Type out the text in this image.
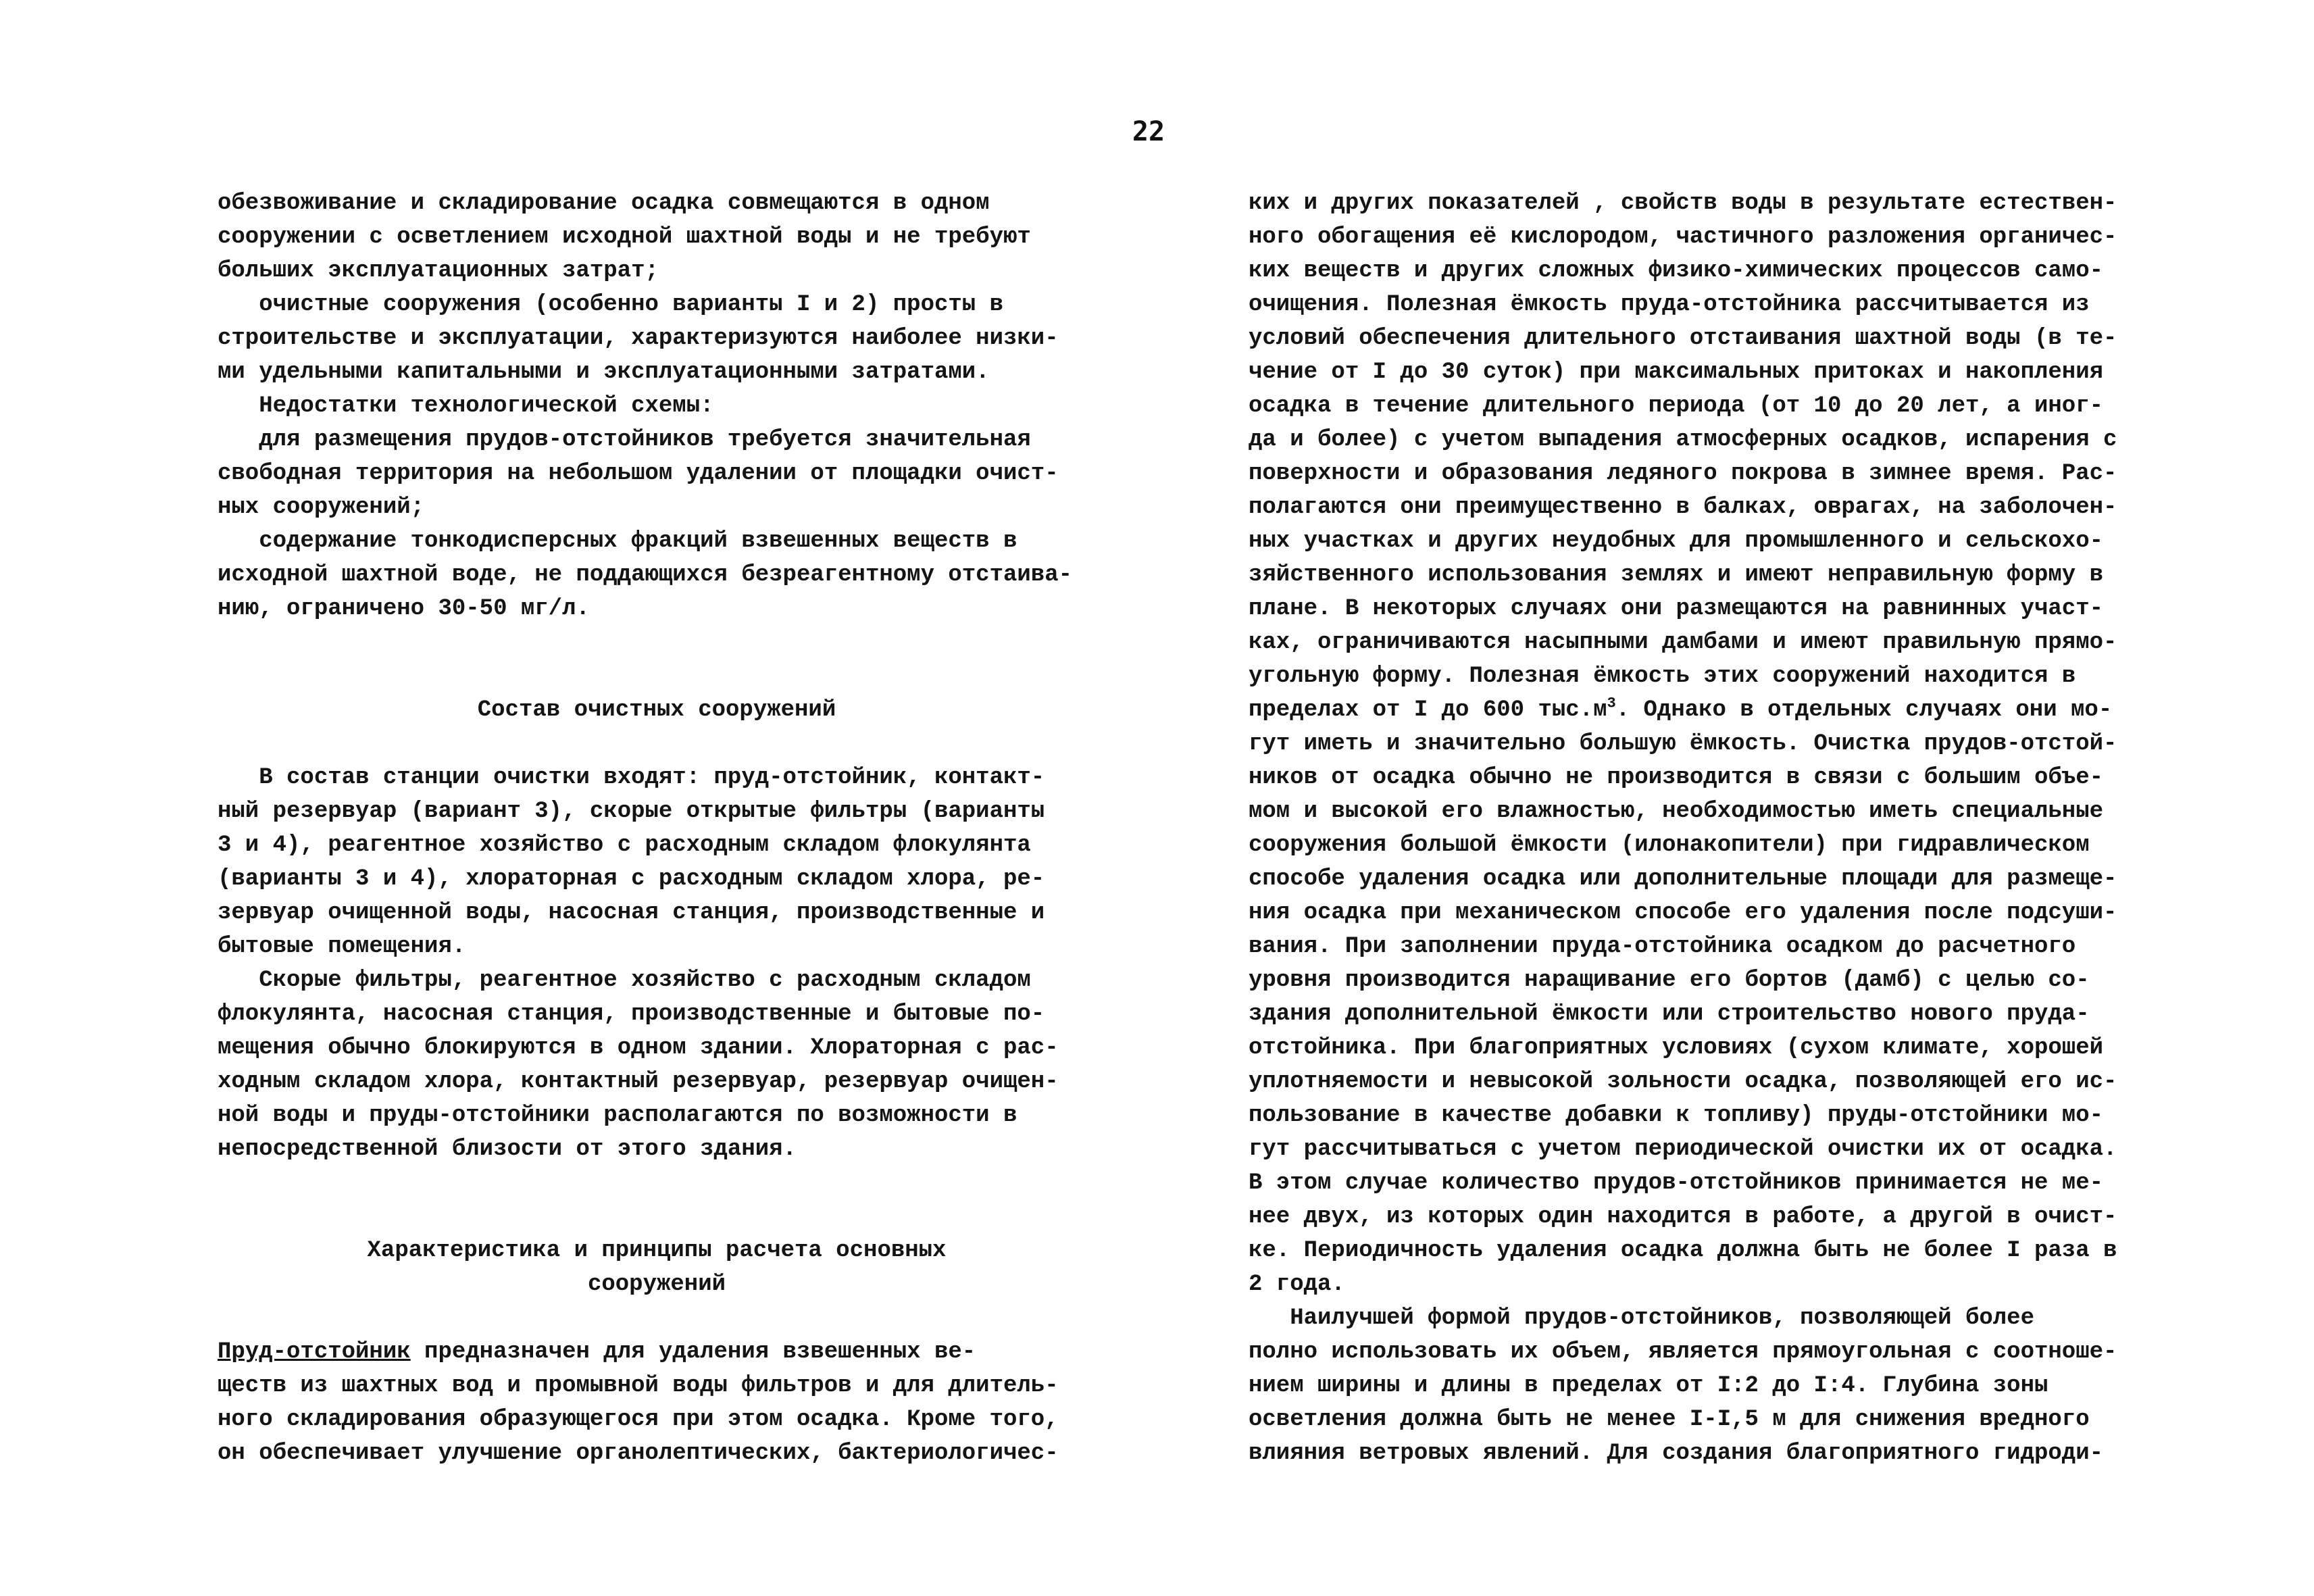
22
обезвоживание и складирование осадка совмещаются в одном
сооружении с осветлением исходной шахтной воды и не требуют
больших эксплуатационных затрат;
очистные сооружения (особенно варианты I и 2) просты в
строительстве и эксплуатации, характеризуются наиболее низки-
ми удельными капитальными и эксплуатационными затратами.
Недостатки технологической схемы:
для размещения прудов-отстойников требуется значительная
свободная территория на небольшом удалении от площадки очист-
ных сооружений;
содержание тонкодисперсных фракций взвешенных веществ в
исходной шахтной воде, не поддающихся безреагентному отстаива-
нию, ограничено 30-50 мг/л.
Состав очистных сооружений
В состав станции очистки входят: пруд-отстойник, контакт-
ный резервуар (вариант 3), скорые открытые фильтры (варианты
3 и 4), реагентное хозяйство с расходным складом флокулянта
(варианты 3 и 4), хлораторная с расходным складом хлора, ре-
зервуар очищенной воды, насосная станция, производственные и
бытовые помещения.
Скорые фильтры, реагентное хозяйство с расходным складом
флокулянта, насосная станция, производственные и бытовые по-
мещения обычно блокируются в одном здании. Хлораторная с рас-
ходным складом хлора, контактный резервуар, резервуар очищен-
ной воды и пруды-отстойники располагаются по возможности в
непосредственной близости от этого здания.
Характеристика и принципы расчета основных
сооружений
Пруд-отстойник предназначен для удаления взвешенных ве-
ществ из шахтных вод и промывной воды фильтров и для длитель-
ного складирования образующегося при этом осадка. Кроме того,
он обеспечивает улучшение органолептических, бактериологичес-
ких и других показателей , свойств воды в результате естествен-
ного обогащения её кислородом, частичного разложения органичес-
ких веществ и других сложных физико-химических процессов само-
очищения. Полезная ёмкость пруда-отстойника рассчитывается из
условий обеспечения длительного отстаивания шахтной воды (в те-
чение от I до 30 суток) при максимальных притоках и накопления
осадка в течение длительного периода (от 10 до 20 лет, а иног-
да и более) с учетом выпадения атмосферных осадков, испарения с
поверхности и образования ледяного покрова в зимнее время. Рас-
полагаются они преимущественно в балках, оврагах, на заболочен-
ных участках и других неудобных для промышленного и сельскохо-
зяйственного использования землях и имеют неправильную форму в
плане. В некоторых случаях они размещаются на равнинных участ-
ках, ограничиваются насыпными дамбами и имеют правильную прямо-
угольную форму. Полезная ёмкость этих сооружений находится в
пределах от I до 600 $тыс.м^3$. Однако в отдельных случаях они мо-
гут иметь и значительно большую ёмкость. Очистка прудов-отстой-
ников от осадка обычно не производится в связи с большим объе-
мом и высокой его влажностью, необходимостью иметь специальные
сооружения большой ёмкости (илонакопители) при гидравлическом
способе удаления осадка или дополнительные площади для размеще-
ния осадка при механическом способе его удаления после подсуши-
вания. При заполнении пруда-отстойника осадком до расчетного
уровня производится наращивание его бортов (дамб) с целью со-
здания дополнительной ёмкости или строительство нового пруда-
отстойника. При благоприятных условиях (сухом климате, хорошей
уплотняемости и невысокой зольности осадка, позволяющей его ис-
пользование в качестве добавки к топливу) пруды-отстойники мо-
гут рассчитываться с учетом периодической очистки их от осадка.
В этом случае количество прудов-отстойников принимается не ме-
нее двух, из которых один находится в работе, а другой в очист-
ке. Периодичность удаления осадка должна быть не более I раза в
2 года.
Наилучшей формой прудов-отстойников, позволяющей более
полно использовать их объем, является прямоугольная с соотноше-
нием ширины и длины в пределах от I:2 до I:4. Глубина зоны
осветления должна быть не менее I-I,5 м для снижения вредного
влияния ветровых явлений. Для создания благоприятного гидроди-
